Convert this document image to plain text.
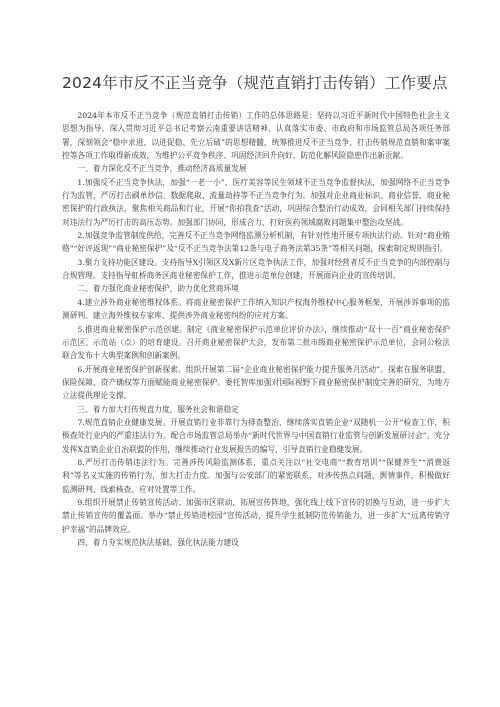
2024年市反不正当竞争（规范直销打击传销）工作要点

2024年本市反不正当竞争（规范直销打击传销）工作的总体思路是：坚持以习近平新时代中国特色社会主义思想为指导，深入贯彻习近平总书记考察云南重要讲话精神，认真落实市委、市政府和市场监管总局各项任务部署，深刻领会“稳中求进、以进促稳、先立后破”的思想精髓，统筹推进反不正当竞争、打击传销规范直销和案审案控等各项工作取得新成效，为维护公平竞争秩序、巩固经济回升向好、防范化解风险隐患作出新贡献。

一、着力深化反不正当竞争，推动经济高质量发展

1.加强反不正当竞争执法，加强“一老一小”、医疗美容等民生领域不正当竞争监督执法，加强网络不正当竞争行为监管，严厉打击刷单炒信、数据爬取、流量劫持等不正当竞争行为。加强对企业商业标识、商业信誉、商业秘密保护的行政执法，聚焦相关商品和行业，开展“你拍我查”活动，巩固综合整治行动成效，会同相关部门持续保持对违法行为严厉打击的高压态势。加强部门协同，形成合力，打好医药领域腐败问题集中整治攻坚战。

2.加强竞争监管制度供给，完善反不正当竞争网络监测分析机制，有针对性地开展专项执法行动。针对“商业贿赂”“好评返现”“商业秘密保护”及“反不正当竞争法第12条与电子商务法第35条”等相关问题，探索制定规则指引。

3.聚力支持功能区建设。支持指导X引领区及X新片区竞争执法工作，加强对经营者反不正当竞争的内部控制与合规管理。支持指导虹桥商务区商业秘密保护工作，推进示范单位创建，开展面向企业的宣传培训。

二、着力强化商业秘密保护，助力优化营商环境

4.建立涉外商业秘密维权体系。将商业秘密保护工作纳入知识产权海外维权中心服务框架，开展涉诉事项的监测研判、建立海外维权专家库、提供涉外商业秘密纠纷的应对方案。

5.推进商业秘密保护示范创建。制定《商业秘密保护示范单位评价办法》，继续推动“双十一百”商业秘密保护示范区、示范站（点）的培育建设。召开商业秘密保护大会，发布第二批市级商业秘密保护示范单位，会同公检法联合发布十大典型案例和创新案例。

6.开展商业秘密保护创新探索。组织开展第二届“企业商业秘密保护能力提升服务月活动”。探索在服务联盟、保险保障、资产确权等方面赋能商业秘密保护。委托智库加强对国际视野下商业秘密保护制度完善的研究，为地方立法提供理论支撑。

三、着力加大打传规直力度，服务社会和谐稳定

7.规范直销企业健康发展。开展直销行业非靠行为排查整治，继续落实直销企业“双随机一公开”检查工作，积极查处行业内的严重违法行为。配合市场监管总局举办“新时代世界与中国直销行业监管与创新发展研讨会”。充分发挥X直销企业自治联盟的作用，继续推动行业发展报告的编写，引导直销行业稳健发展。

8.严厉打击传销违法行为。完善涉传风险监测体系，重点关注以“社交电商”“教育培训”“保健养生”“消费返利”等名义实施的传销行为，加大打击力度。加强与公安部门的紧密联系，对涉传热点问题、舆情事件，积极做好监测研判、线索核查、应对处置等工作。

9.组织开展禁止传销宣传活动；加强市区联动，拓展宣传阵地，强化线上线下宣传的切换与互动，进一步扩大禁止传销宣传的覆盖面。举办“禁止传销进校园”宣传活动，提升学生抵制防范传销能力，进一步扩大“远离传销守护幸福”的品牌效应。

四、着力夯实规范执法基础，强化执法能力建设
